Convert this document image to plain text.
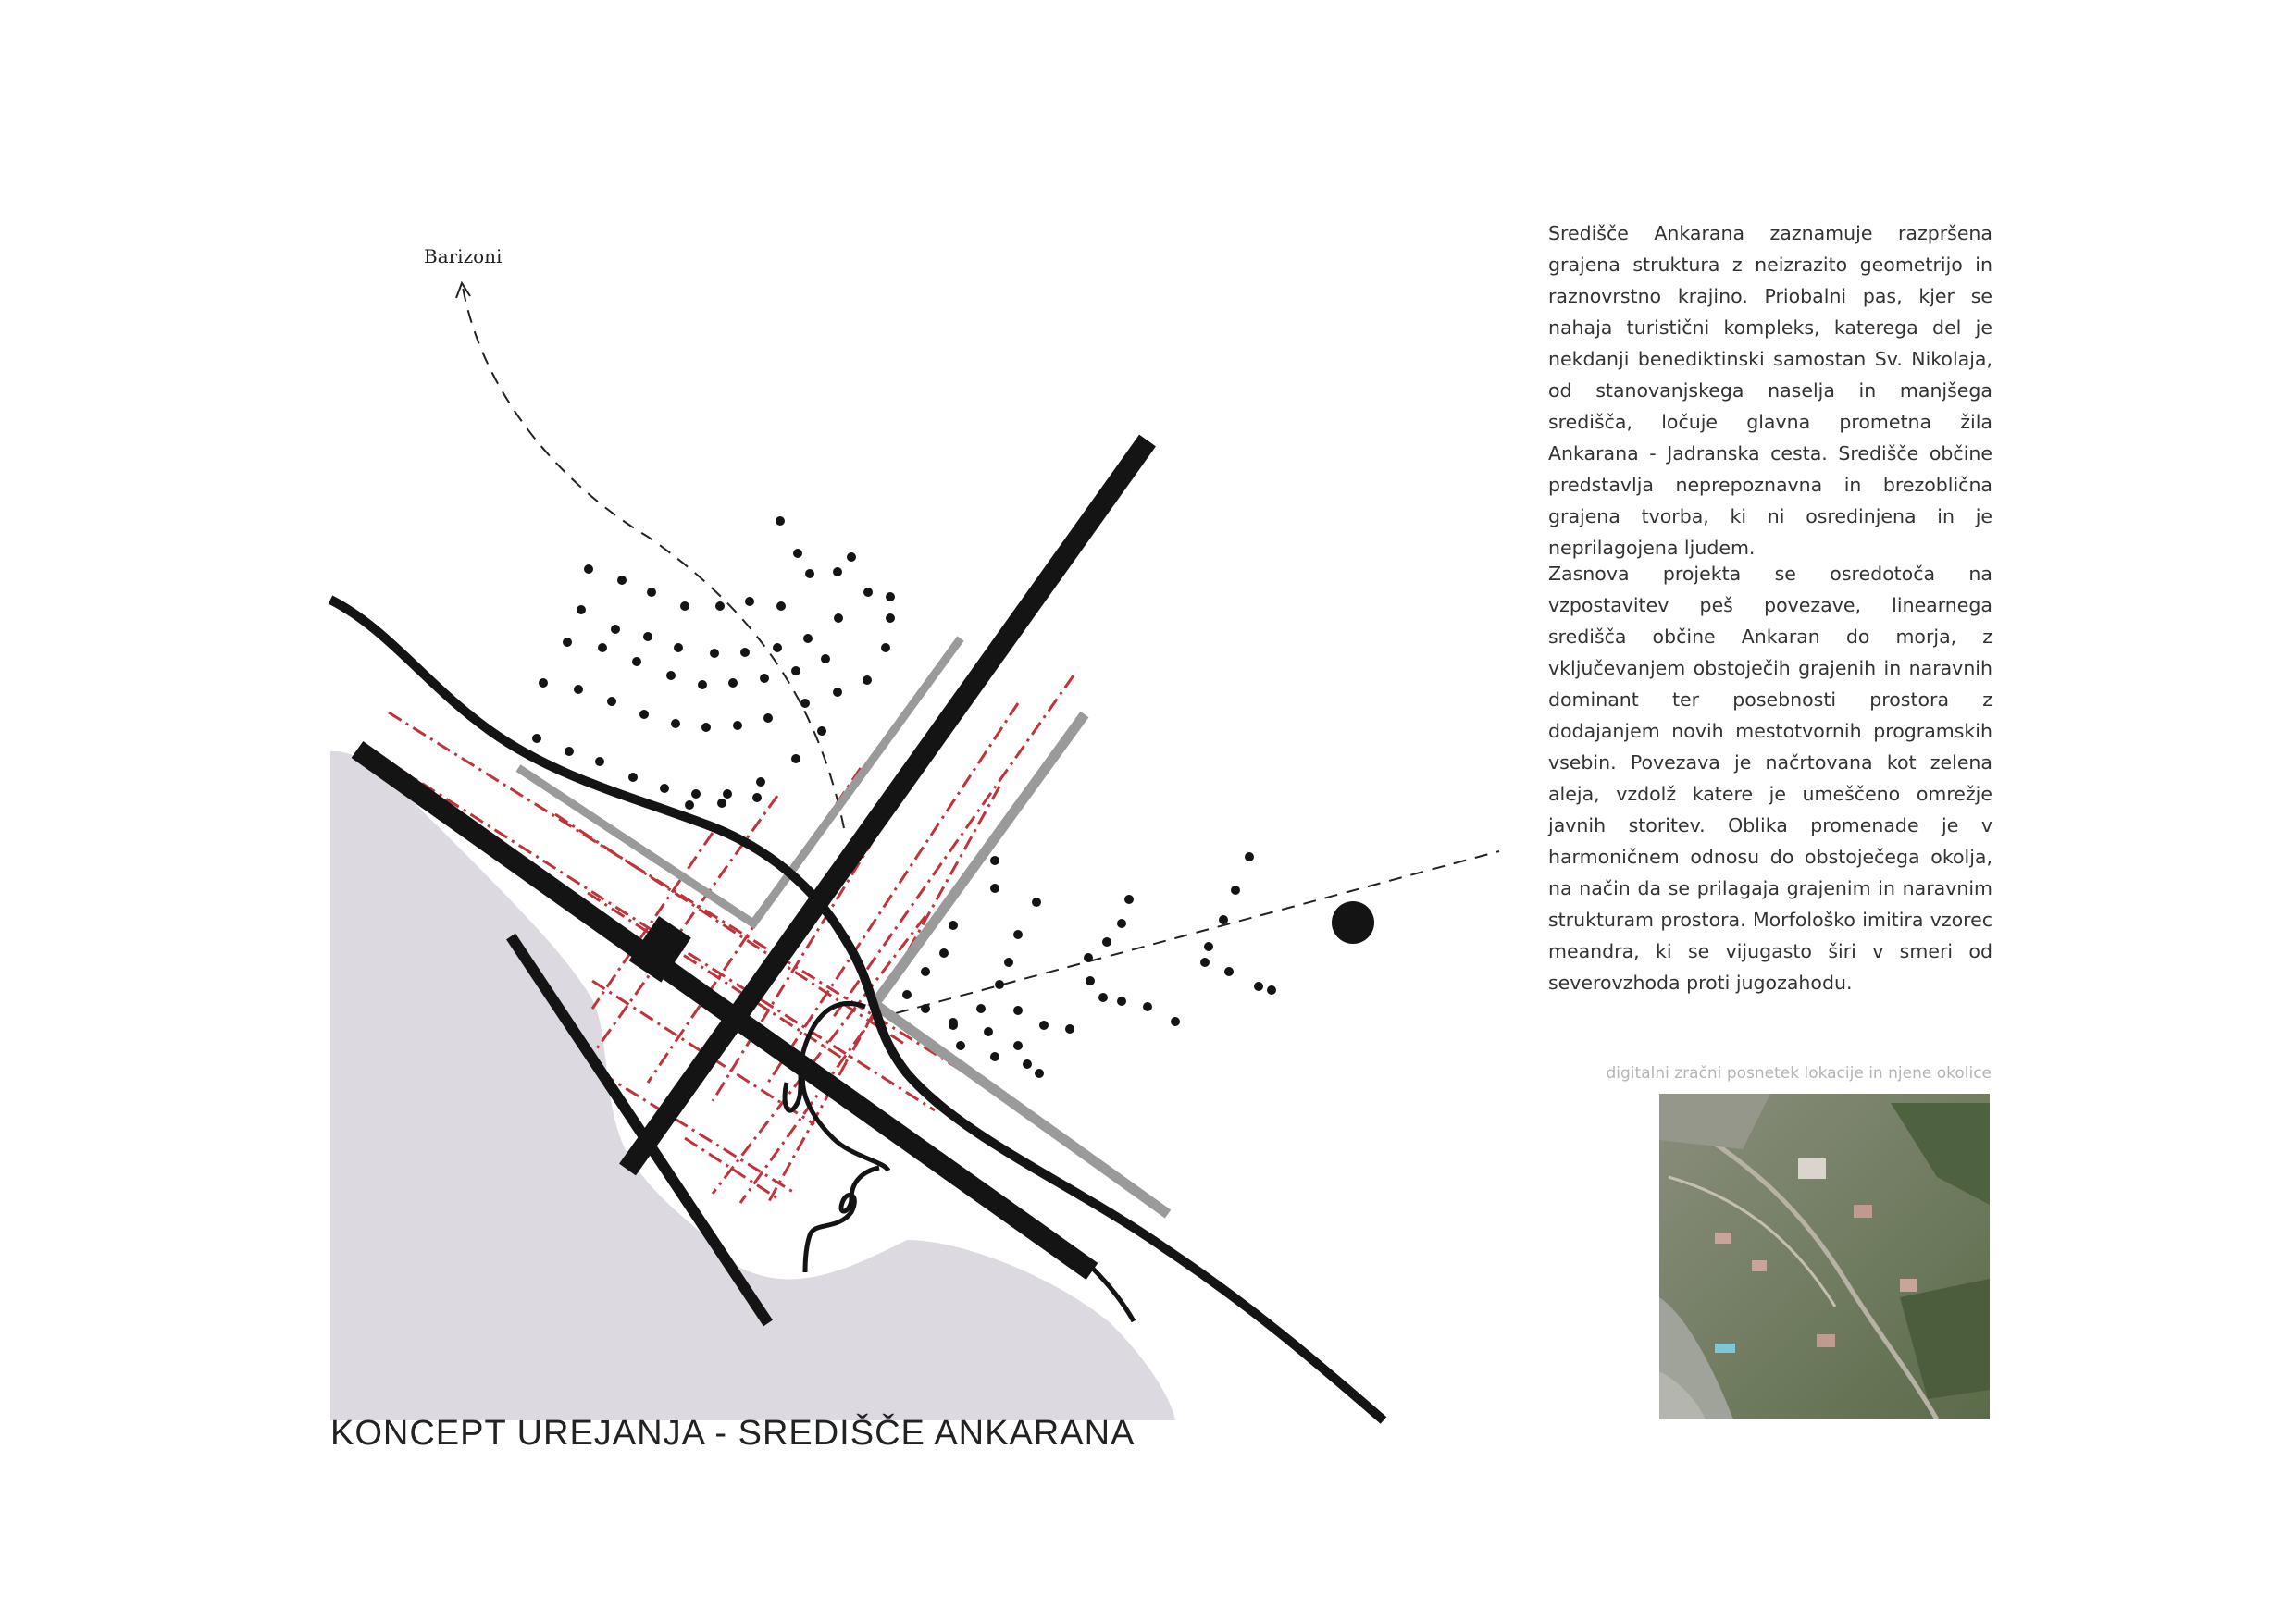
Barizoni
KONCEPT UREJANJA - SREDIŠČE ANKARANA
Središče Ankarana zaznamuje razpršena grajena struktura z neizrazito geometrijo in raznovrstno krajino. Priobalni pas, kjer se nahaja turistični kompleks, katerega del je nekdanji benediktinski samostan Sv. Nikolaja, od stanovanjskega naselja in manjšega središča, ločuje glavna prometna žila Ankarana - Jadranska cesta. Središče občine predstavlja neprepoznavna in brezoblična grajena tvorba, ki ni osredinjena in je neprilagojena ljudem.
Zasnova projekta se osredotoča na vzpostavitev peš povezave, linearnega središča občine Ankaran do morja, z vključevanjem obstoječih grajenih in naravnih dominant ter posebnosti prostora z dodajanjem novih mestotvornih programskih vsebin. Povezava je načrtovana kot zelena aleja, vzdolž katere je umeščeno omrežje javnih storitev. Oblika promenade je v harmoničnem odnosu do obstoječega okolja, na način da se prilagaja grajenim in naravnim strukturam prostora. Morfološko imitira vzorec meandra, ki se vijugasto širi v smeri od severovzhoda proti jugozahodu.
digitalni zračni posnetek lokacije in njene okolice
